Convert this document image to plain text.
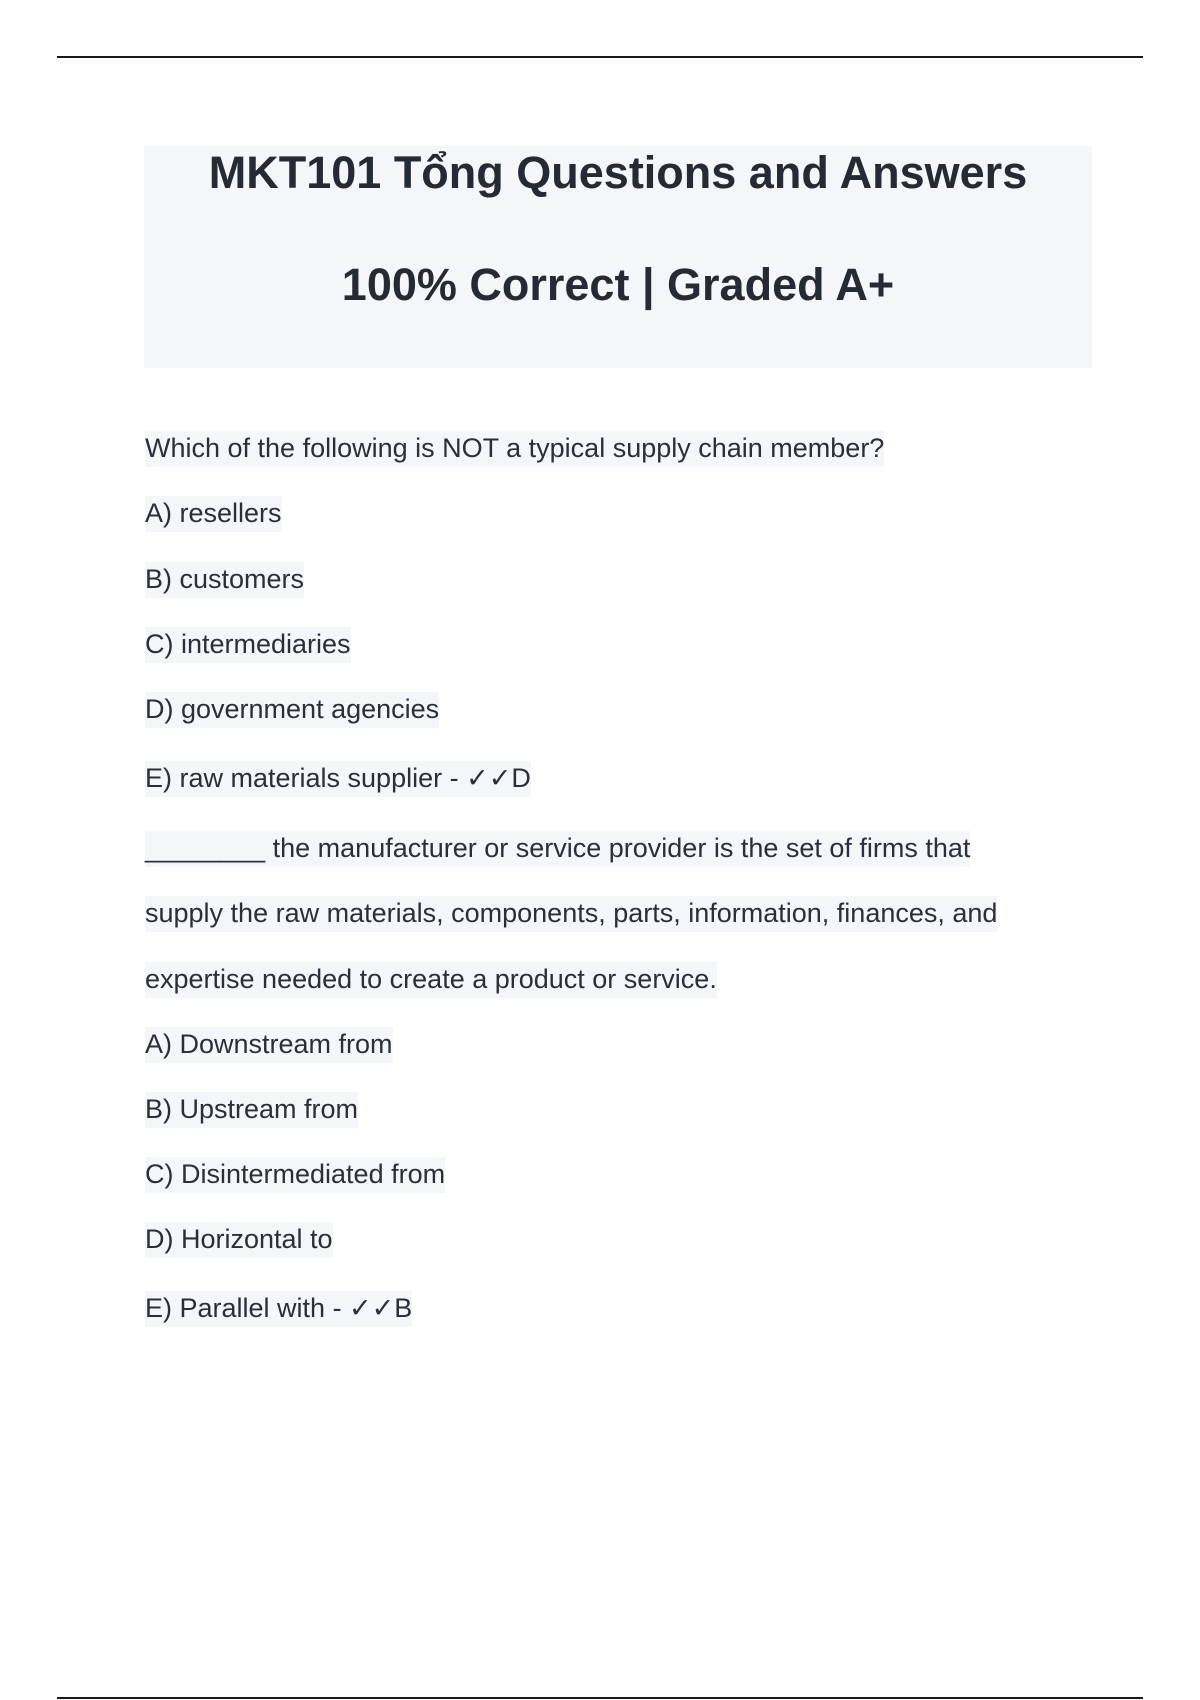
MKT101 Tổng Questions and Answers
100% Correct | Graded A+
Which of the following is NOT a typical supply chain member?
A) resellers
B) customers
C) intermediaries
D) government agencies
E) raw materials supplier - ✓✓D
________ the manufacturer or service provider is the set of firms that
supply the raw materials, components, parts, information, finances, and
expertise needed to create a product or service.
A) Downstream from
B) Upstream from
C) Disintermediated from
D) Horizontal to
E) Parallel with - ✓✓B
